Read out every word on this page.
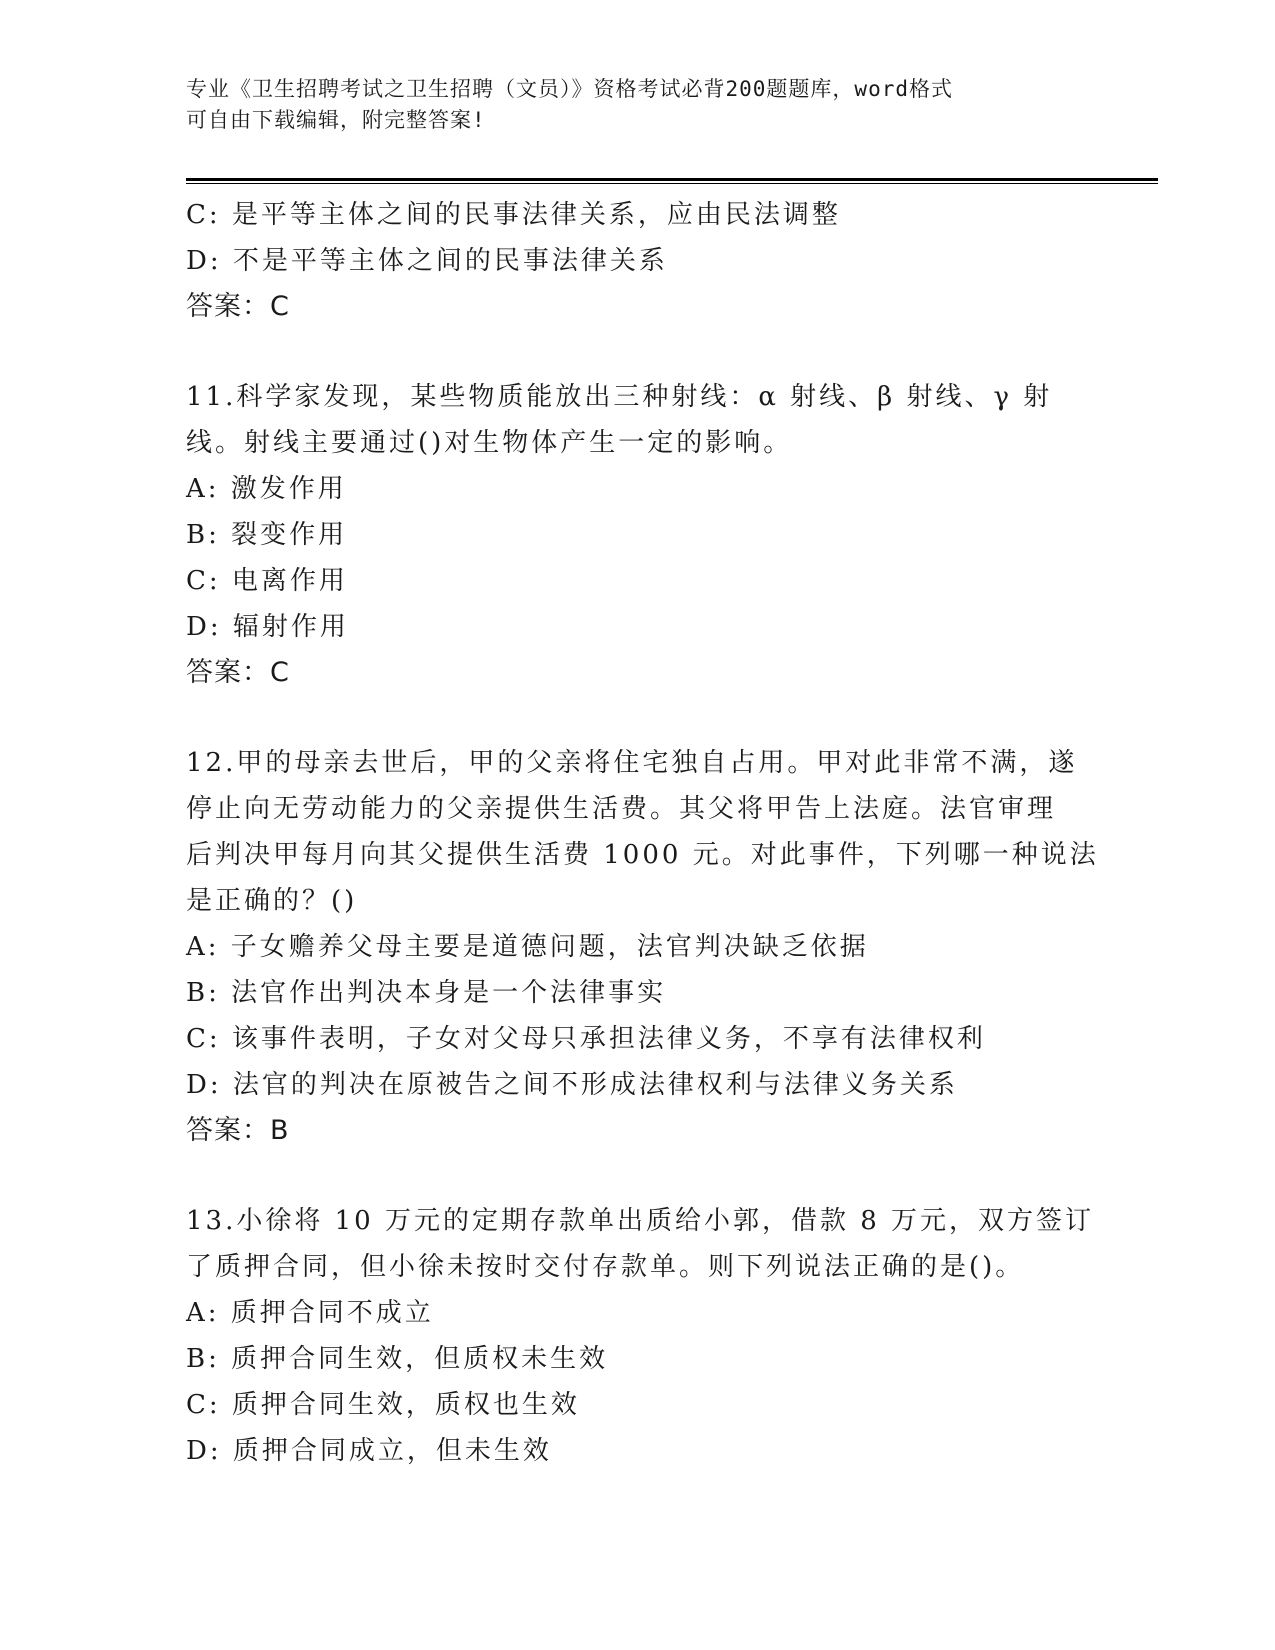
专业《卫生招聘考试之卫生招聘（文员）》资格考试必背200题题库，word格式
可自由下载编辑，附完整答案!
C: 是平等主体之间的民事法律关系，应由民法调整
D: 不是平等主体之间的民事法律关系
答案：C
11.科学家发现，某些物质能放出三种射线：α 射线、β 射线、γ 射
线。射线主要通过()对生物体产生一定的影响。
A: 激发作用
B: 裂变作用
C: 电离作用
D: 辐射作用
答案：C
12.甲的母亲去世后，甲的父亲将住宅独自占用。甲对此非常不满，遂
停止向无劳动能力的父亲提供生活费。其父将甲告上法庭。法官审理
后判决甲每月向其父提供生活费 1000 元。对此事件，下列哪一种说法
是正确的？()
A: 子女赡养父母主要是道德问题，法官判决缺乏依据
B: 法官作出判决本身是一个法律事实
C: 该事件表明，子女对父母只承担法律义务，不享有法律权利
D: 法官的判决在原被告之间不形成法律权利与法律义务关系
答案：B
13.小徐将 10 万元的定期存款单出质给小郭，借款 8 万元，双方签订
了质押合同，但小徐未按时交付存款单。则下列说法正确的是()。
A: 质押合同不成立
B: 质押合同生效，但质权未生效
C: 质押合同生效，质权也生效
D: 质押合同成立，但未生效
